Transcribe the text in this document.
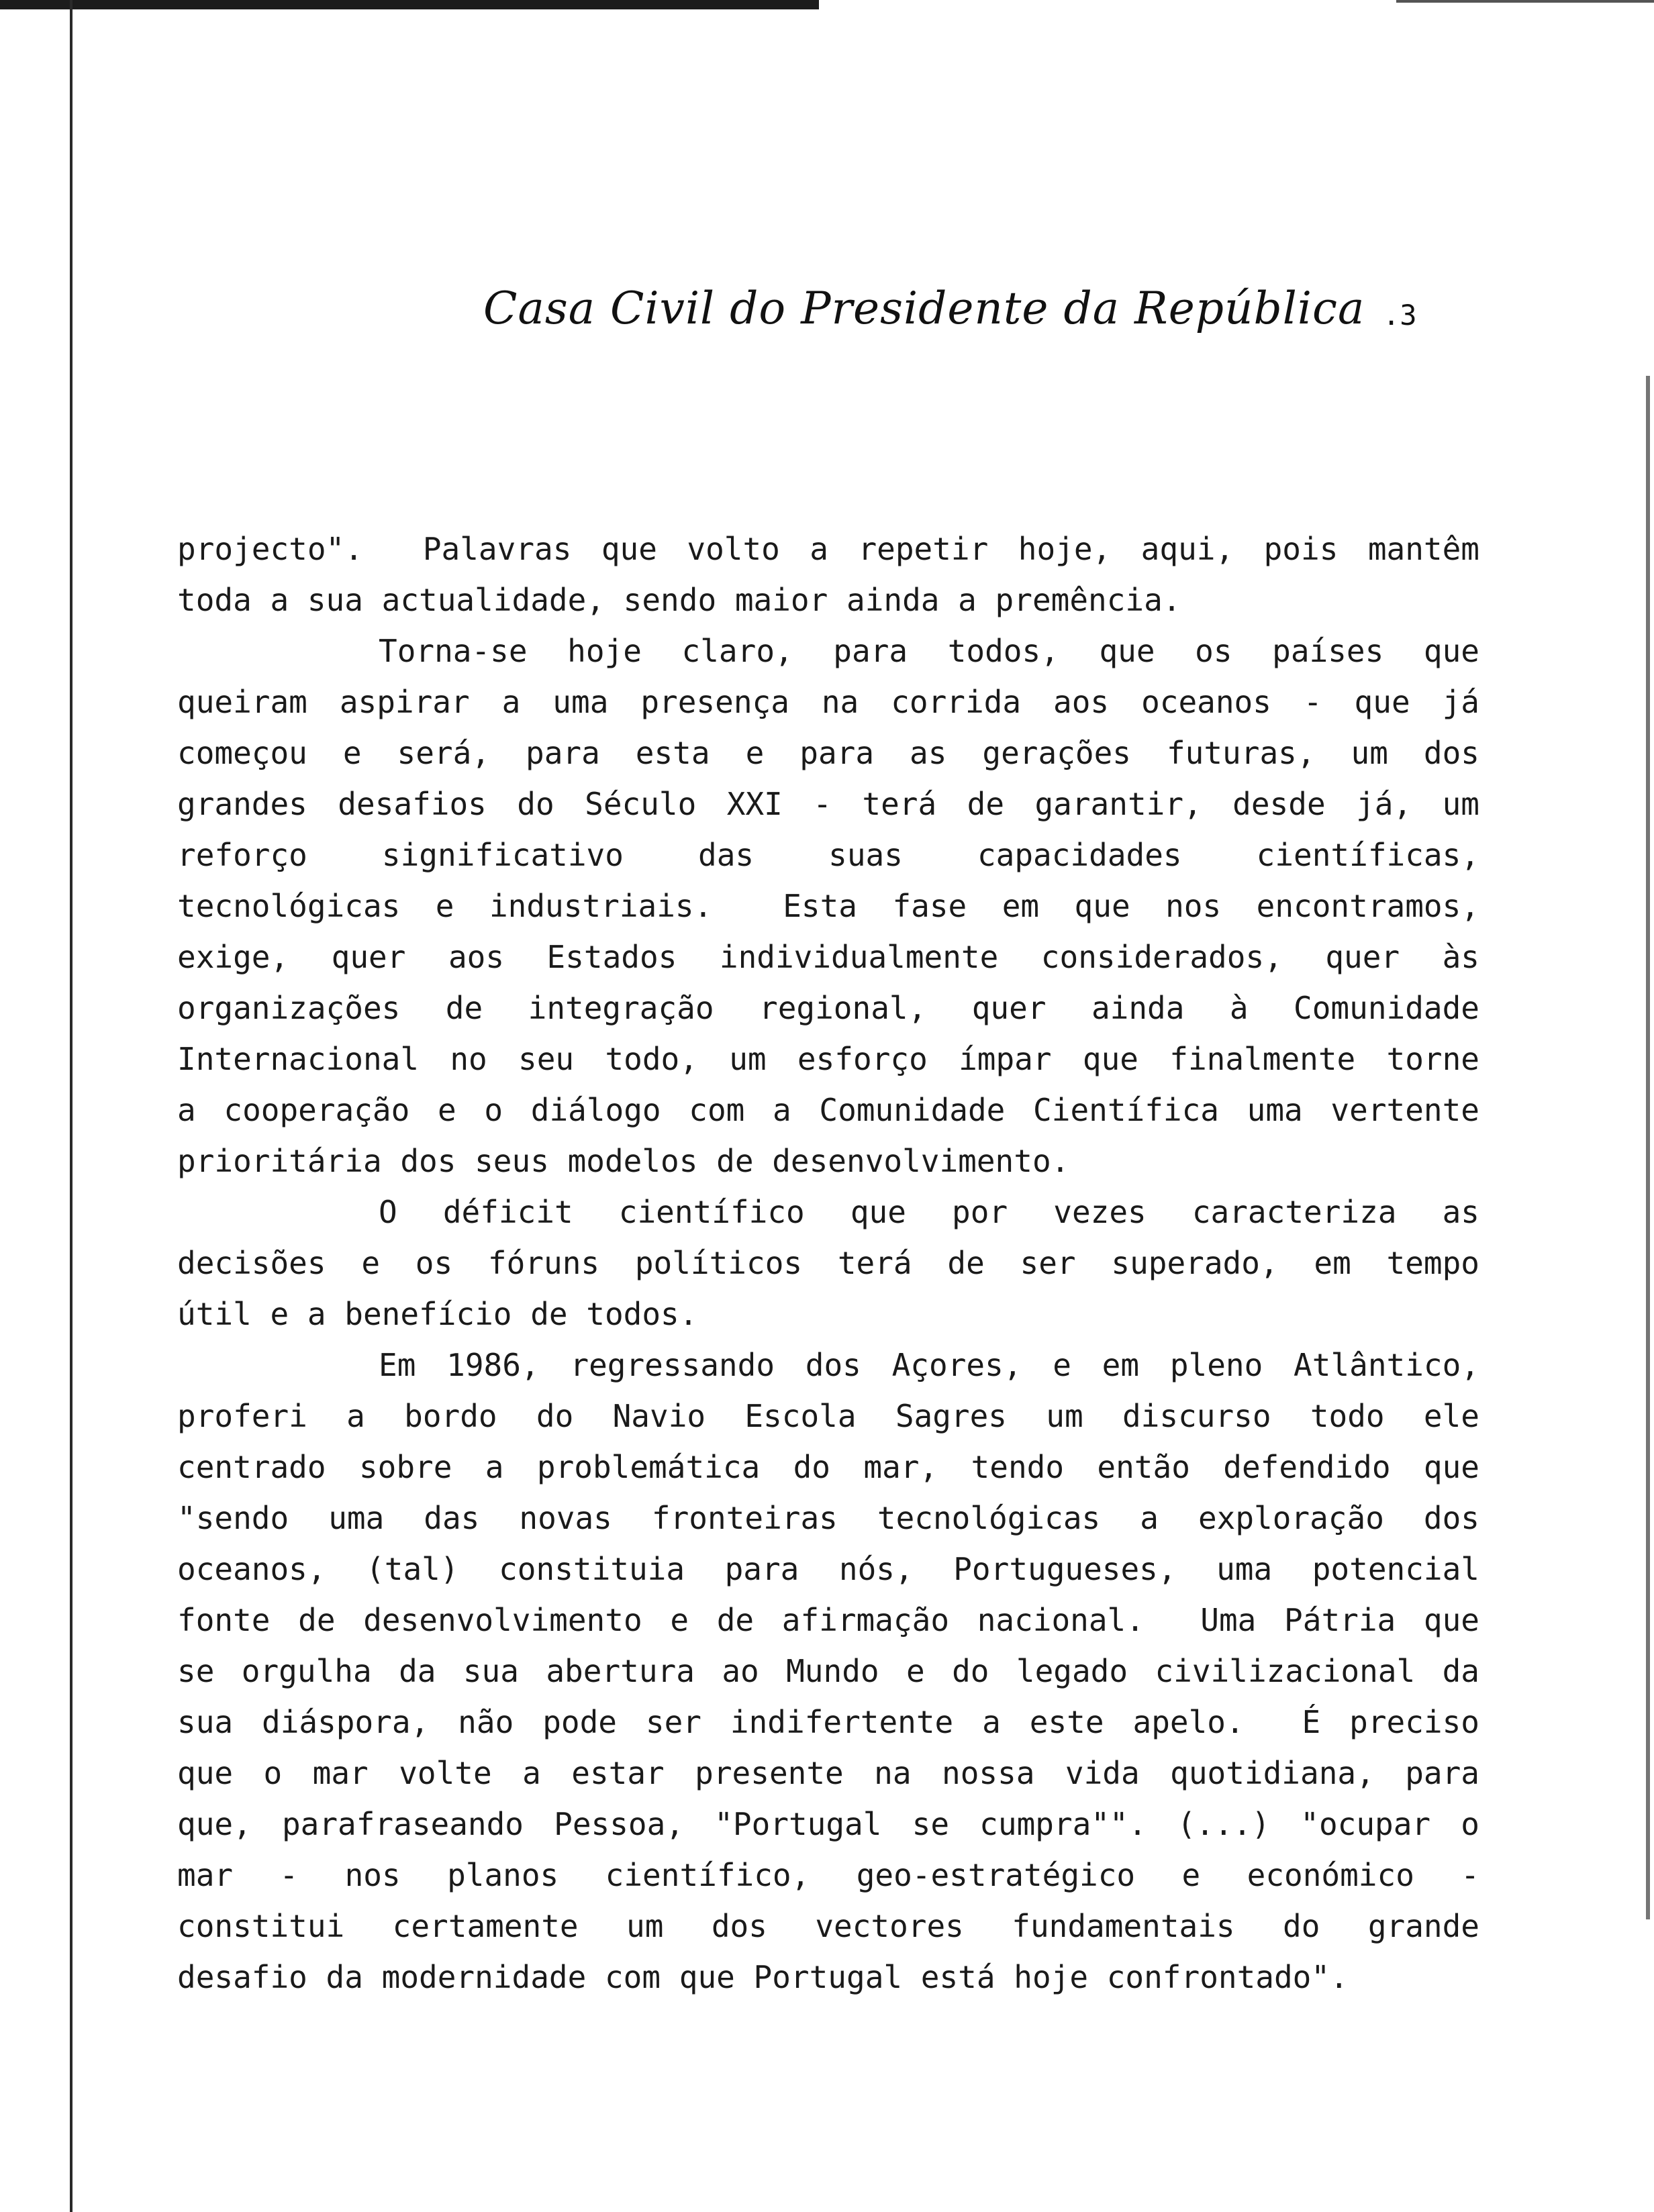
Casa Civil do Presidente da República .3
projecto".  Palavras que volto a repetir hoje, aqui, pois mantêm
toda a sua actualidade, sendo maior ainda a premência.
Torna-se hoje claro, para todos, que os países que
queiram aspirar a uma presença na corrida aos oceanos - que já
começou e será, para esta e para as gerações futuras, um dos
grandes desafios do Século XXI - terá de garantir, desde já, um
reforço significativo das suas capacidades científicas,
tecnológicas e industriais.  Esta fase em que nos encontramos,
exige, quer aos Estados individualmente considerados, quer às
organizações de integração regional, quer ainda à Comunidade
Internacional no seu todo, um esforço ímpar que finalmente torne
a cooperação e o diálogo com a Comunidade Científica uma vertente
prioritária dos seus modelos de desenvolvimento.
O déficit científico que por vezes caracteriza as
decisões e os fóruns políticos terá de ser superado, em tempo
útil e a benefício de todos.
Em 1986, regressando dos Açores, e em pleno Atlântico,
proferi a bordo do Navio Escola Sagres um discurso todo ele
centrado sobre a problemática do mar, tendo então defendido que
"sendo uma das novas fronteiras tecnológicas a exploração dos
oceanos, (tal) constituia para nós, Portugueses, uma potencial
fonte de desenvolvimento e de afirmação nacional.  Uma Pátria que
se orgulha da sua abertura ao Mundo e do legado civilizacional da
sua diáspora, não pode ser indifertente a este apelo.  É preciso
que o mar volte a estar presente na nossa vida quotidiana, para
que, parafraseando Pessoa, "Portugal se cumpra"". (...) "ocupar o
mar - nos planos científico, geo-estratégico e económico -
constitui certamente um dos vectores fundamentais do grande
desafio da modernidade com que Portugal está hoje confrontado".
